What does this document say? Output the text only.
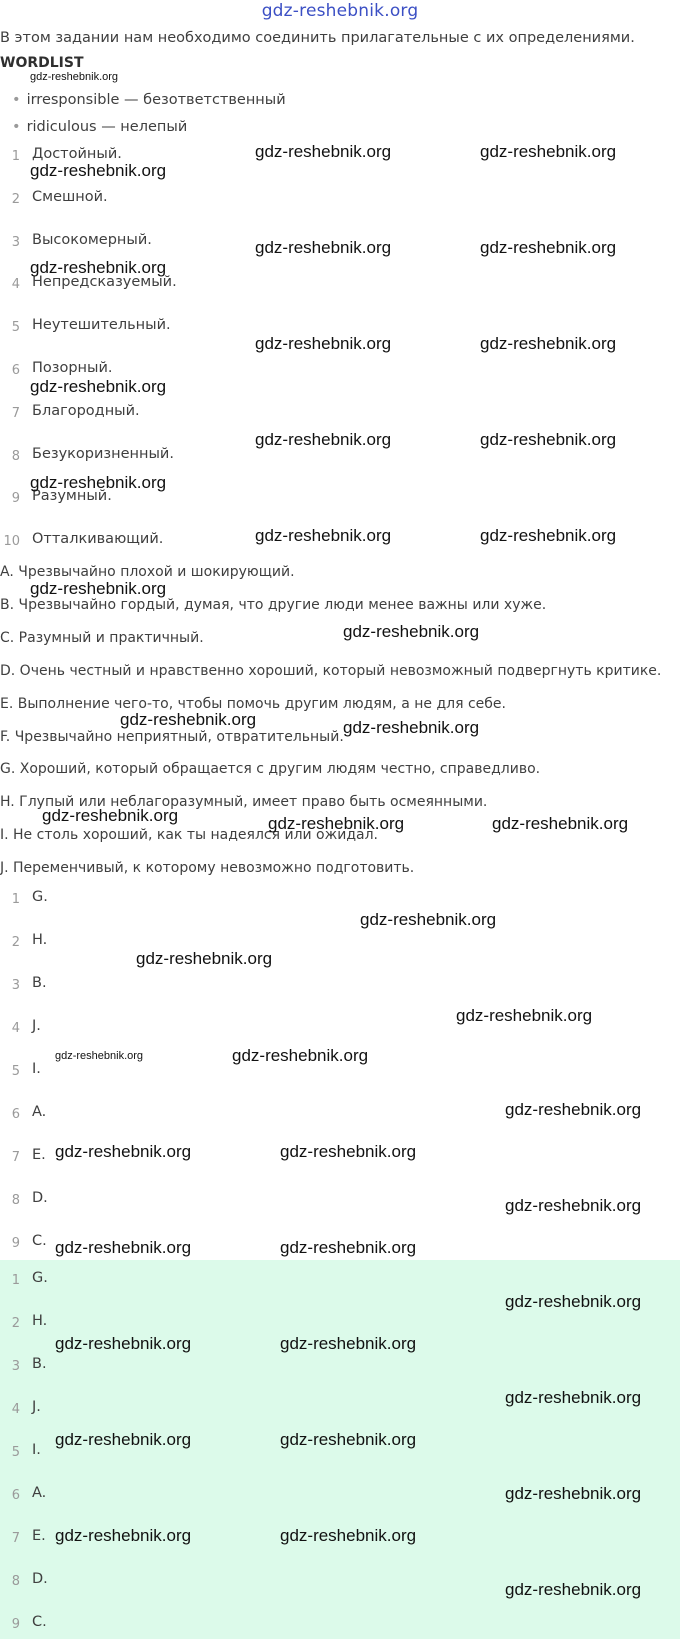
gdz-reshebnik.org
В этом задании нам необходимо соединить прилагательные с их определениями.
WORDLIST
• irresponsible — безответственный
• ridiculous — нелепый
1 Достойный.
2 Смешной.
3 Высокомерный.
4 Непредсказуемый.
5 Неутешительный.
6 Позорный.
7 Благородный.
8 Безукоризненный.
9 Разумный.
10 Отталкивающий.
A. Чрезвычайно плохой и шокирующий.
B. Чрезвычайно гордый, думая, что другие люди менее важны или хуже.
C. Разумный и практичный.
D. Очень честный и нравственно хороший, который невозможный подвергнуть критике.
E. Выполнение чего-то, чтобы помочь другим людям, а не для себе.
F. Чрезвычайно неприятный, отвратительный.
G. Хороший, который обращается с другим людям честно, справедливо.
H. Глупый или неблагоразумный, имеет право быть осмеянными.
I. Не столь хороший, как ты надеялся или ожидал.
J. Переменчивый, к которому невозможно подготовить.
1 G.
2 H.
3 B.
4 J.
5 I.
6 A.
7 E.
8 D.
9 C.
1 G.
2 H.
3 B.
4 J.
5 I.
6 A.
7 E.
8 D.
9 C.
gdz-reshebnik.org
gdz-reshebnik.org
gdz-reshebnik.org	gdz-reshebnik.org
gdz-reshebnik.org	gdz-reshebnik.org
gdz-reshebnik.org
gdz-reshebnik.org	gdz-reshebnik.org
gdz-reshebnik.org
gdz-reshebnik.org	gdz-reshebnik.org
gdz-reshebnik.org
gdz-reshebnik.org	gdz-reshebnik.org
gdz-reshebnik.org
gdz-reshebnik.org
gdz-reshebnik.org	gdz-reshebnik.org
gdz-reshebnik.org	gdz-reshebnik.org	gdz-reshebnik.org
gdz-reshebnik.org
gdz-reshebnik.org
gdz-reshebnik.org
gdz-reshebnik.org	gdz-reshebnik.org
gdz-reshebnik.org
gdz-reshebnik.org	gdz-reshebnik.org
gdz-reshebnik.org
gdz-reshebnik.org	gdz-reshebnik.org
gdz-reshebnik.org
gdz-reshebnik.org	gdz-reshebnik.org
gdz-reshebnik.org
gdz-reshebnik.org	gdz-reshebnik.org
gdz-reshebnik.org
gdz-reshebnik.org	gdz-reshebnik.org
gdz-reshebnik.org
